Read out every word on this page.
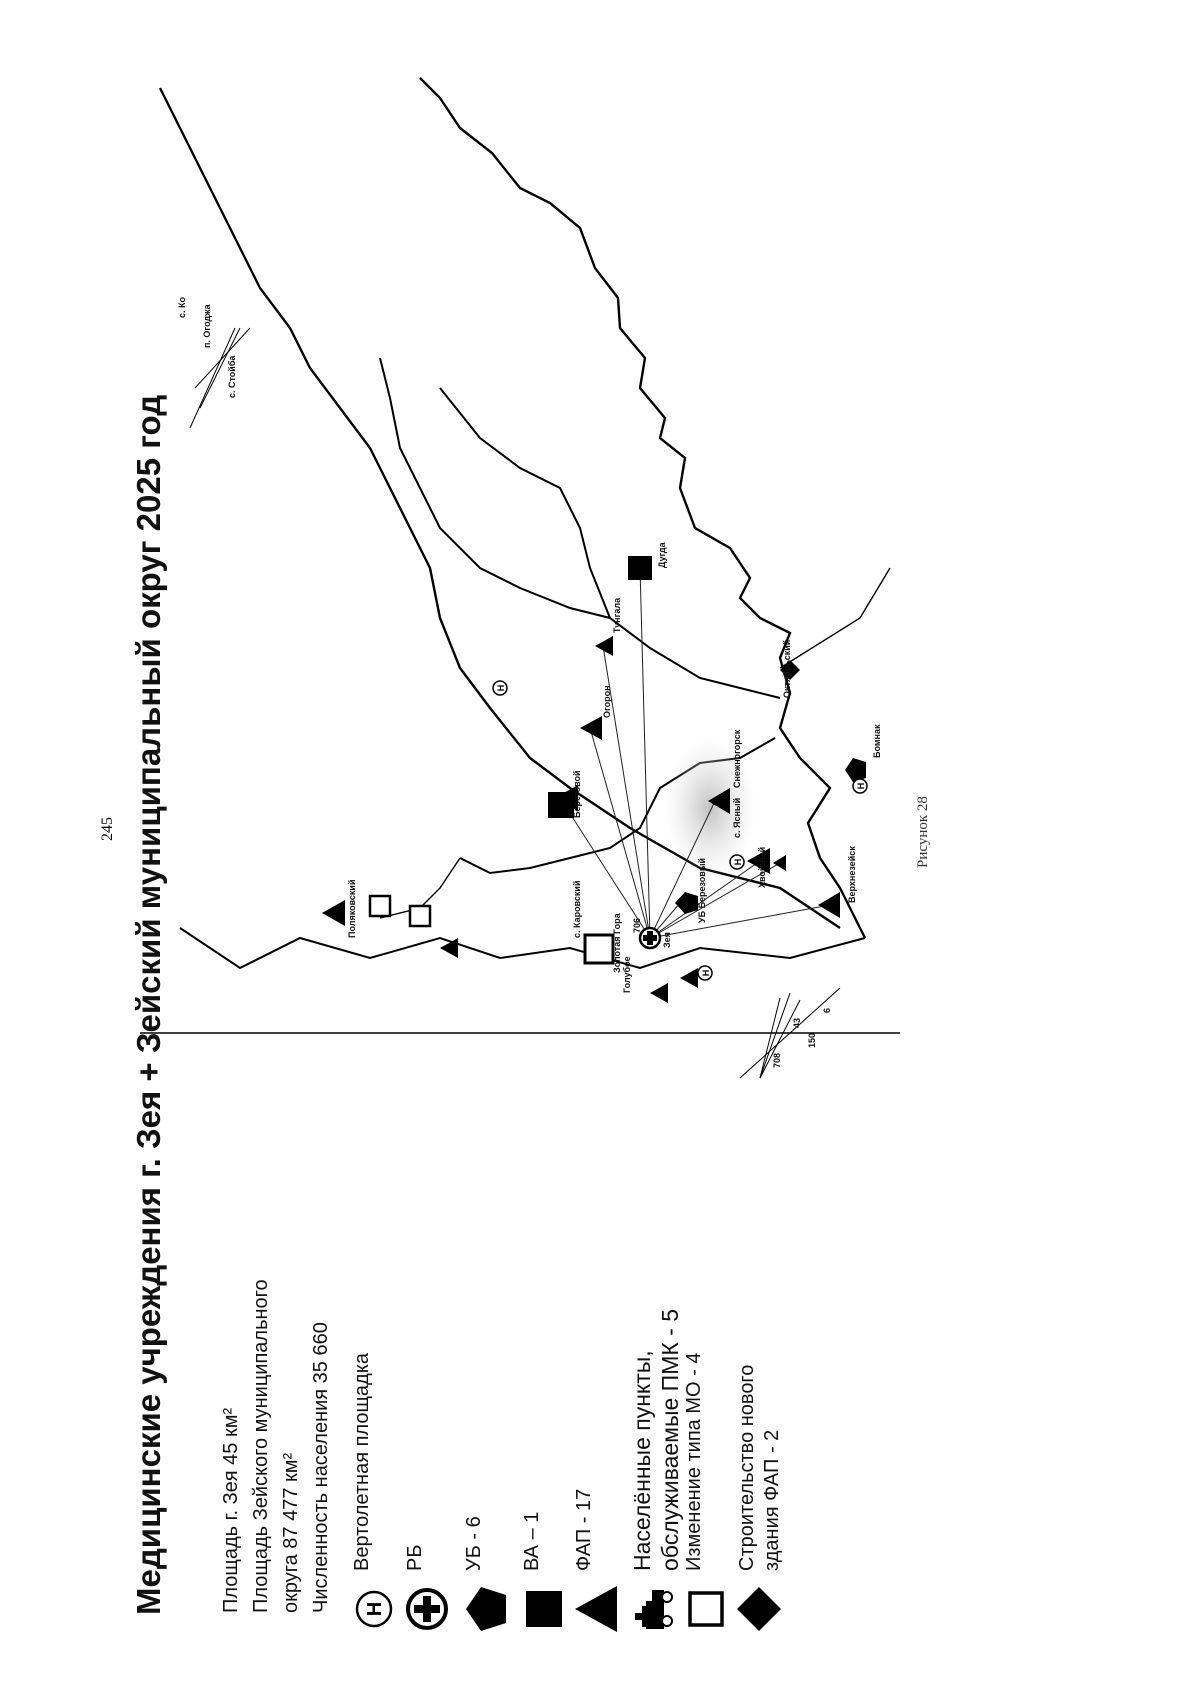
245 Медицинские учреждения г. Зея + Зейский муниципальный округ 2025 год	Площадь г. Зея 45 км² Площадь Зейского муниципального округа 87 477 км² Численность населения 35 660 H
Вертолетная площадка РБ УБ - 6 ВА – 1 ФАП - 17 Населённые пункты, обслуживаемые ПМК - 5 Изменение типа МО - 4 Строительство нового здания ФАП - 2
H
H
H
H
Зея
706
Голубое
Золотая Гора
с. Каровский
Хвойный
УБ Березовый
Огорон
Тунгала
Дугда
Октябрьский
Поляковский
с. Ясный
Береговой
Верхнезейск
Снежногорск	Бомнак
с. Стойба
п. Огоджа
с. Ко
708
43
150
6
Рисунок 28
